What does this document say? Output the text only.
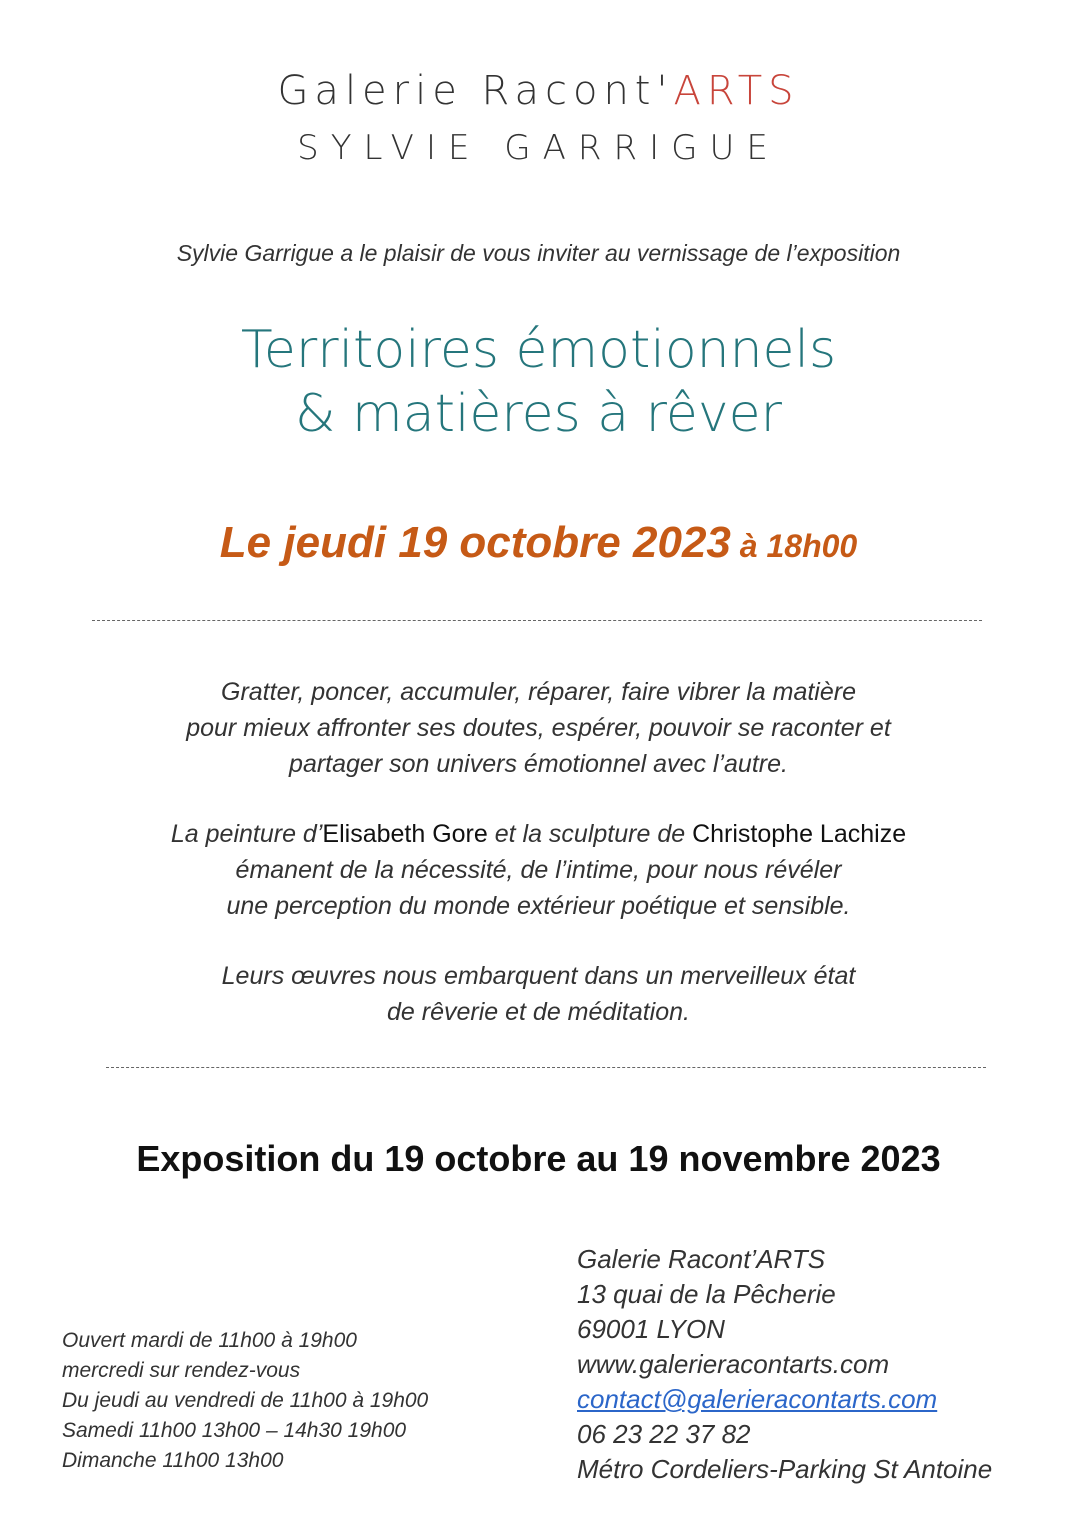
Galerie Racont'ARTS
SYLVIE GARRIGUE
Sylvie Garrigue a le plaisir de vous inviter au vernissage de l’exposition
Territoires émotionnels
& matières à rêver
Le jeudi 19 octobre 2023 à 18h00
Gratter, poncer, accumuler, réparer, faire vibrer la matière
pour mieux affronter ses doutes, espérer, pouvoir se raconter et
partager son univers émotionnel avec l’autre.
La peinture d’Elisabeth Gore et la sculpture de Christophe Lachize
émanent de la nécessité, de l’intime, pour nous révéler
une perception du monde extérieur poétique et sensible.
Leurs œuvres nous embarquent dans un merveilleux état
de rêverie et de méditation.
Exposition du 19 octobre au 19 novembre 2023
Ouvert mardi de 11h00 à 19h00
mercredi sur rendez-vous
Du jeudi au vendredi de 11h00 à 19h00
Samedi 11h00 13h00 – 14h30 19h00
Dimanche 11h00 13h00
Galerie Racont’ARTS
13 quai de la Pêcherie
69001 LYON
www.galerieracontarts.com
contact@galerieracontarts.com
06 23 22 37 82
Métro Cordeliers-Parking St Antoine
